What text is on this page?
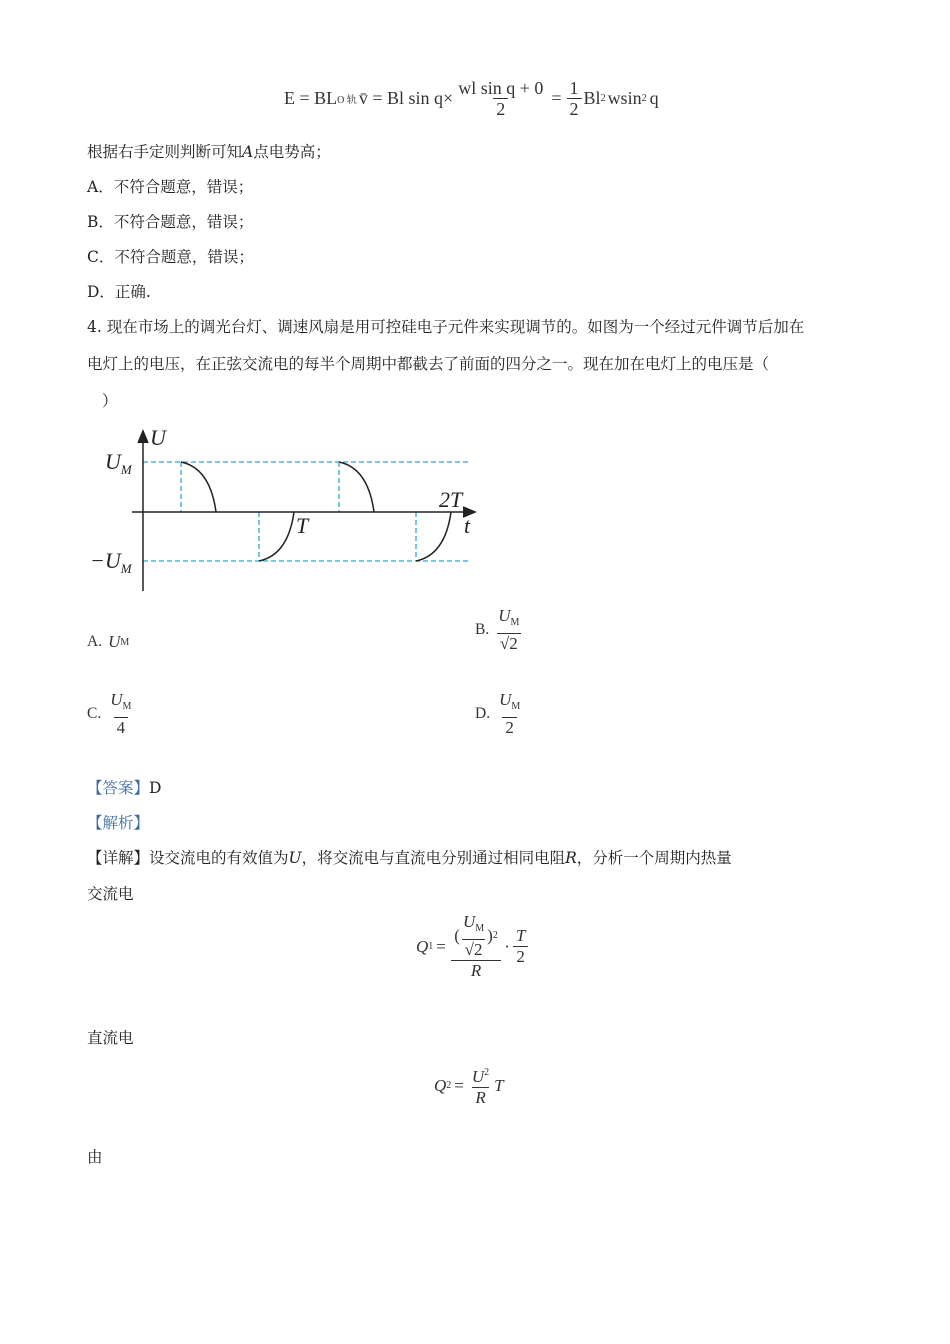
E = BL O 轨 v̄ = Bl $\sin q\times \frac{\text{wl sin q + 0}}{2} = \frac{1}{2}$ Bl 2 wsin 2 q
根据右手定则判断可知A点电势高；
A．不符合题意，错误；
B．不符合题意，错误；
C．不符合题意，错误；
D．正确.
4. 现在市场上的调光台灯、调速风扇是用可控硅电子元件来实现调节的。如图为一个经过元件调节后加在
电灯上的电压，在正弦交流电的每半个周期中都截去了前面的四分之一。现在加在电灯上的电压是（
）
U
t
$U_M$
$-U_M$
T
2T
A. U M
B. $\frac{U_M}{√2}$
C. $\frac{U_M}{4}$	D. $\frac{U_M}{2}$
【答案】D
【解析】
【详解】设交流电的有效值为U，将交流电与直流电分别通过相同电阻R，分析一个周期内热量
交流电
Q $1 = \frac{( \frac{U_M}{√2} ) 2}{R} \cdot \frac{T}{2}$
直流电
Q $2 = \frac{U^2}{R}$ T
由
